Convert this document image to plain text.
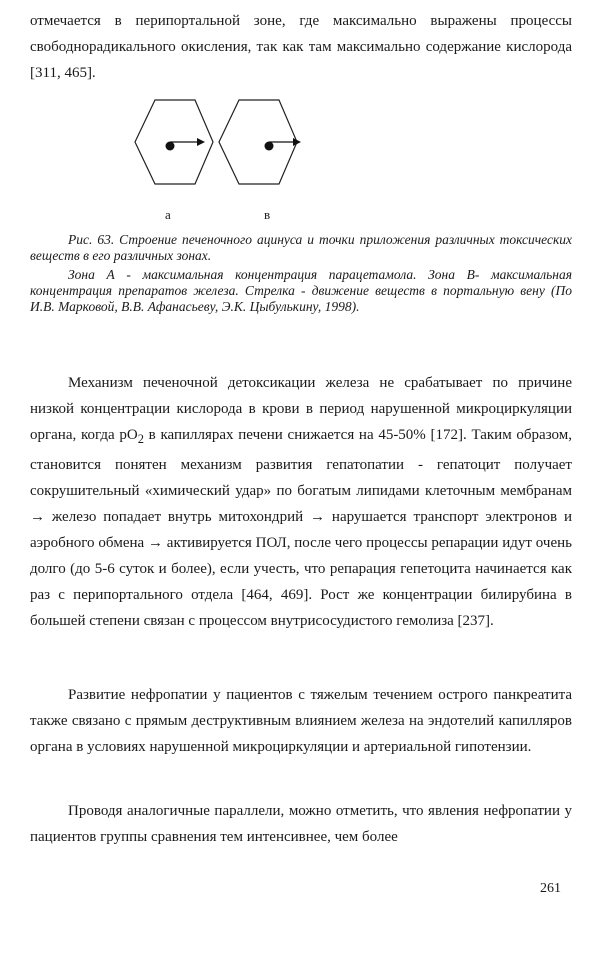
отмечается в перипортальной зоне, где максимально выражены процессы свободнорадикального окисления, так как там максимально содержание кислорода [311, 465].

а	в

Рис. 63. Строение печеночного ацинуса и точки приложения различных токсических веществ в его различных зонах.

Зона А - максимальная концентрация парацетамола. Зона В- максимальная концентрация препаратов железа. Стрелка - движение веществ в портальную вену (По И.В. Марковой, В.В. Афанасьеву, Э.К. Цыбулькину, 1998).

Механизм печеночной детоксикации железа не срабатывает по причине низкой концентрации кислорода в крови в период нарушенной микроциркуляции органа, когда $pO_2$ в капиллярах печени снижается на 45-50% [172]. Таким образом, становится понятен механизм развития гепатопатии - гепатоцит получает сокрушительный «химический удар» по богатым липидами клеточным мембранам → железо попадает внутрь митохондрий → нарушается транспорт электронов и аэробного обмена → активируется ПОЛ, после чего процессы репарации идут очень долго (до 5-6 суток и более), если учесть, что репарация гепетоцита начинается как раз с перипортального отдела [464, 469]. Рост же концентрации билирубина в большей степени связан с процессом внутрисосудистого гемолиза [237].

Развитие нефропатии у пациентов с тяжелым течением острого панкреатита также связано с прямым деструктивным влиянием железа на эндотелий капилляров органа в условиях нарушенной микроциркуляции и артериальной гипотензии.

Проводя аналогичные параллели, можно отметить, что явления нефропатии у пациентов группы сравнения тем интенсивнее, чем более

261
